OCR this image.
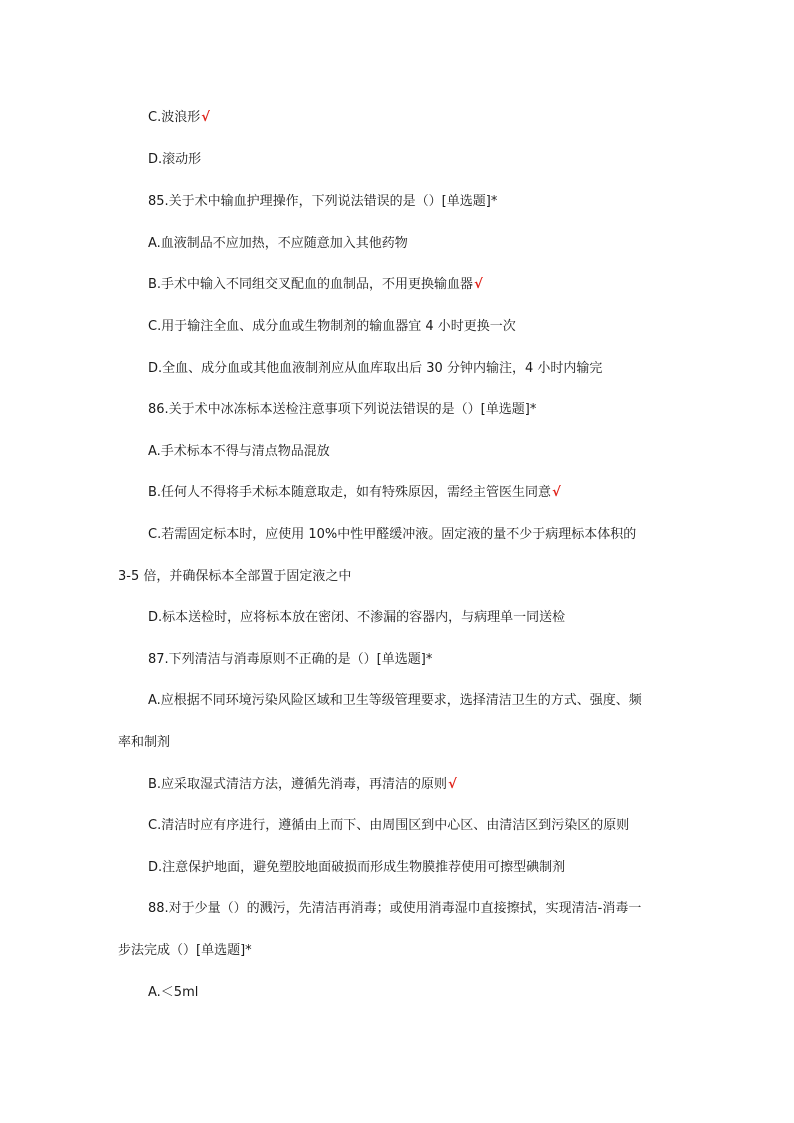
C.波浪形√
D.滚动形
85.关于术中输血护理操作，下列说法错误的是（）[单选题]*
A.血液制品不应加热，不应随意加入其他药物
B.手术中输入不同组交叉配血的血制品，不用更换输血器√
C.用于输注全血、成分血或生物制剂的输血器宜 4 小时更换一次
D.全血、成分血或其他血液制剂应从血库取出后 30 分钟内输注，4 小时内输完
86.关于术中冰冻标本送检注意事项下列说法错误的是（）[单选题]*
A.手术标本不得与清点物品混放
B.任何人不得将手术标本随意取走，如有特殊原因，需经主管医生同意√
C.若需固定标本时，应使用 10%中性甲醛缓冲液。固定液的量不少于病理标本体积的
3-5 倍，并确保标本全部置于固定液之中
D.标本送检时，应将标本放在密闭、不渗漏的容器内，与病理单一同送检
87.下列清洁与消毒原则不正确的是（）[单选题]*
A.应根据不同环境污染风险区域和卫生等级管理要求，选择清洁卫生的方式、强度、频
率和制剂
B.应采取湿式清洁方法，遵循先消毒，再清洁的原则√
C.清洁时应有序进行，遵循由上而下、由周围区到中心区、由清洁区到污染区的原则
D.注意保护地面，避免塑胶地面破损而形成生物膜推荐使用可擦型碘制剂
88.对于少量（）的溅污，先清洁再消毒；或使用消毒湿巾直接擦拭，实现清洁-消毒一
步法完成（）[单选题]*
A.＜5ml
